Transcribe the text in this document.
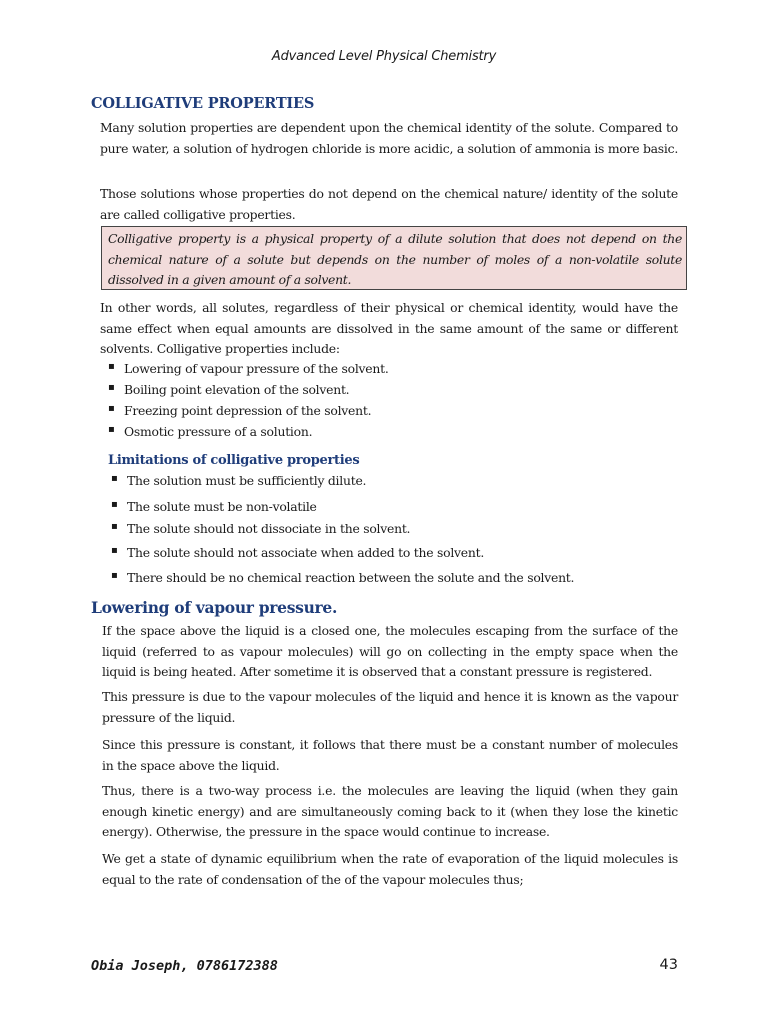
Advanced Level Physical Chemistry
COLLIGATIVE PROPERTIES

Many solution properties are dependent upon the chemical identity of the solute. Compared to pure water, a solution of hydrogen chloride is more acidic, a solution of ammonia is more basic.

Those solutions whose properties do not depend on the chemical nature/ identity of the solute are called colligative properties.

Colligative property is a physical property of a dilute solution that does not depend on the chemical nature of a solute but depends on the number of moles of a non-volatile solute dissolved in a given amount of a solvent.

In other words, all solutes, regardless of their physical or chemical identity, would have the same effect when equal amounts are dissolved in the same amount of the same or different solvents. Colligative properties include:

▪ Lowering of vapour pressure of the solvent.
▪ Boiling point elevation of the solvent.
▪ Freezing point depression of the solvent.
▪ Osmotic pressure of a solution.
Limitations of colligative properties
▪ The solution must be sufficiently dilute.
▪ The solute must be non-volatile
▪ The solute should not dissociate in the solvent.
▪ The solute should not associate when added to the solvent.
▪ There should be no chemical reaction between the solute and the solvent.
Lowering of vapour pressure.

If the space above the liquid is a closed one, the molecules escaping from the surface of the liquid (referred to as vapour molecules) will go on collecting in the empty space when the liquid is being heated. After sometime it is observed that a constant pressure is registered.

This pressure is due to the vapour molecules of the liquid and hence it is known as the vapour pressure of the liquid.

Since this pressure is constant, it follows that there must be a constant number of molecules in the space above the liquid.

Thus, there is a two-way process i.e. the molecules are leaving the liquid (when they gain enough kinetic energy) and are simultaneously coming back to it (when they lose the kinetic energy). Otherwise, the pressure in the space would continue to increase.

We get a state of dynamic equilibrium when the rate of evaporation of the liquid molecules is equal to the rate of condensation of the of the vapour molecules thus;

Obia Joseph, 0786172388	43
